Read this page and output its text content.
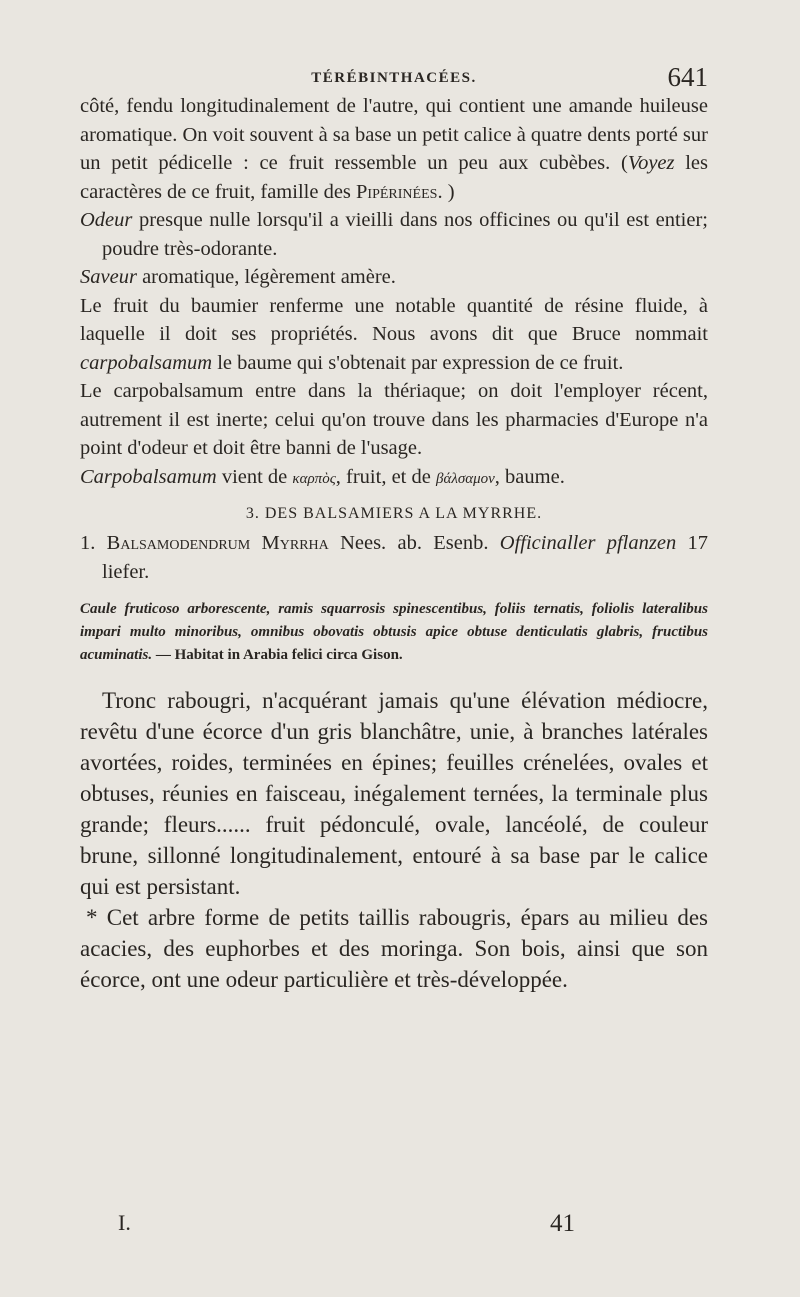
TÉRÉBINTHACÉES.	641

côté, fendu longitudinalement de l'autre, qui contient une amande huileuse aromatique. On voit souvent à sa base un petit calice à quatre dents porté sur un petit pédicelle : ce fruit ressemble un peu aux cubèbes. (Voyez les caractères de ce fruit, famille des Pipérinées. )

Odeur presque nulle lorsqu'il a vieilli dans nos officines ou qu'il est entier; poudre très-odorante.

Saveur aromatique, légèrement amère.

Le fruit du baumier renferme une notable quantité de résine fluide, à laquelle il doit ses propriétés. Nous avons dit que Bruce nommait carpobalsamum le baume qui s'obtenait par expression de ce fruit.

Le carpobalsamum entre dans la thériaque; on doit l'employer récent, autrement il est inerte; celui qu'on trouve dans les pharmacies d'Europe n'a point d'odeur et doit être banni de l'usage.

Carpobalsamum vient de καρπὸς, fruit, et de βάλσαμον, baume.

3. DES BALSAMIERS A LA MYRRHE.

1. Balsamodendrum Myrrha Nees. ab. Esenb. Officinaller pflanzen 17 liefer.

Caule fruticoso arborescente, ramis squarrosis spinescentibus, foliis ternatis, foliolis lateralibus impari multo minoribus, omnibus obovatis obtusis apice obtuse denticulatis glabris, fructibus acuminatis. — Habitat in Arabia felici circa Gison.

Tronc rabougri, n'acquérant jamais qu'une élévation médiocre, revêtu d'une écorce d'un gris blanchâtre, unie, à branches latérales avortées, roides, terminées en épines; feuilles crénelées, ovales et obtuses, réunies en faisceau, inégalement ternées, la terminale plus grande; fleurs...... fruit pédonculé, ovale, lancéolé, de couleur brune, sillonné longitudinalement, entouré à sa base par le calice qui est persistant.

* Cet arbre forme de petits taillis rabougris, épars au milieu des acacies, des euphorbes et des moringa. Son bois, ainsi que son écorce, ont une odeur particulière et très-développée.

I.	41
